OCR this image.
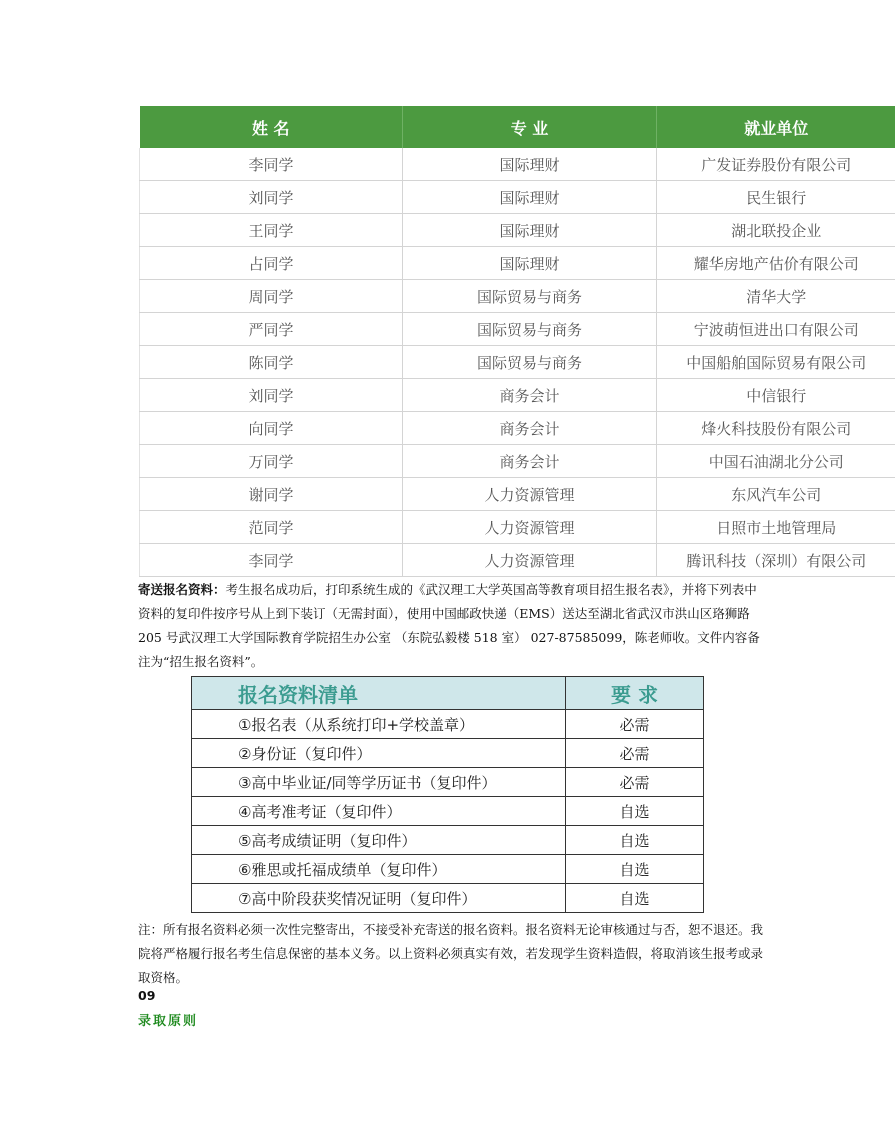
姓 名	专 业	就业单位
李同学	国际理财	广发证券股份有限公司
刘同学	国际理财	民生银行
王同学	国际理财	湖北联投企业
占同学	国际理财	耀华房地产估价有限公司
周同学	国际贸易与商务	清华大学
严同学	国际贸易与商务	宁波萌恒进出口有限公司
陈同学	国际贸易与商务	中国船舶国际贸易有限公司
刘同学	商务会计	中信银行
向同学	商务会计	烽火科技股份有限公司
万同学	商务会计	中国石油湖北分公司
谢同学	人力资源管理	东风汽车公司
范同学	人力资源管理	日照市土地管理局
李同学	人力资源管理	腾讯科技（深圳）有限公司

寄送报名资料：考生报名成功后，打印系统生成的《武汉理工大学英国高等教育项目招生报名表》，并将下列表中资料的复印件按序号从上到下装订（无需封面），使用中国邮政快递（EMS）送达至湖北省武汉市洪山区珞狮路 205 号武汉理工大学国际教育学院招生办公室 （东院弘毅楼 518 室） 027-87585099，陈老师收。文件内容备注为“招生报名资料”。

报名资料清单	要 求
①报名表（从系统打印+学校盖章）	必需
②身份证（复印件）	必需
③高中毕业证/同等学历证书（复印件）	必需
④高考准考证（复印件）	自选
⑤高考成绩证明（复印件）	自选
⑥雅思或托福成绩单（复印件）	自选
⑦高中阶段获奖情况证明（复印件）	自选

注：所有报名资料必须一次性完整寄出，不接受补充寄送的报名资料。报名资料无论审核通过与否，恕不退还。我院将严格履行报名考生信息保密的基本义务。以上资料必须真实有效，若发现学生资料造假，将取消该生报考或录取资格。

09
录取原则
